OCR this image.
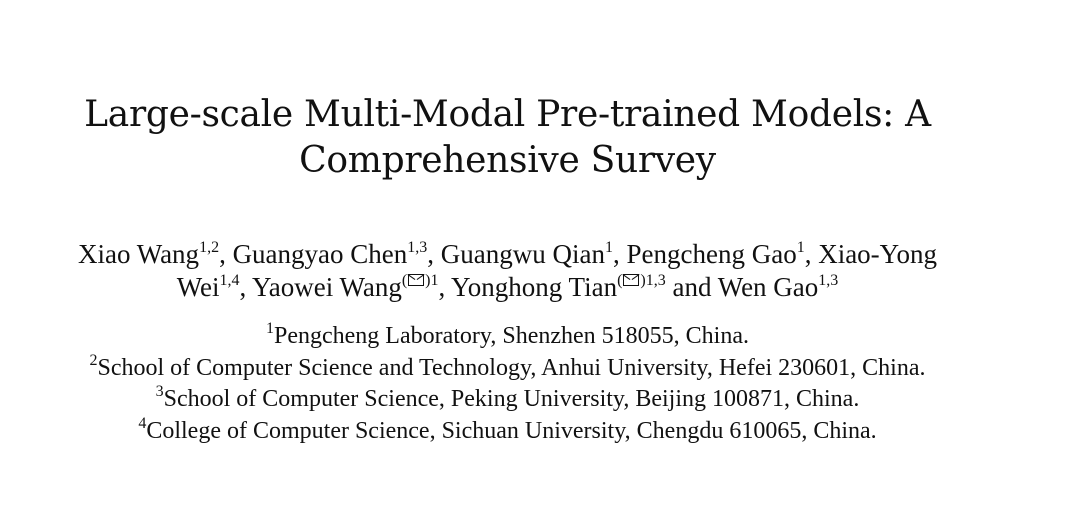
Large-scale Multi-Modal Pre-trained Models: A
Comprehensive Survey
Xiao Wang$^{1,2}$, Guangyao Chen$^{1,3}$, Guangwu Qian$^1$, Pengcheng Gao$^1$, Xiao-Yong
Wei$^{1,4}$, Yaowei Wang$^{( )1}$, Yonghong Tian$^{( )1,3}$ and Wen Gao$^{1,3}$
$^1$Pengcheng Laboratory, Shenzhen 518055, China.
$^2$School of Computer Science and Technology, Anhui University, Hefei 230601, China.
$^3$School of Computer Science, Peking University, Beijing 100871, China.
$^4$College of Computer Science, Sichuan University, Chengdu 610065, China.
